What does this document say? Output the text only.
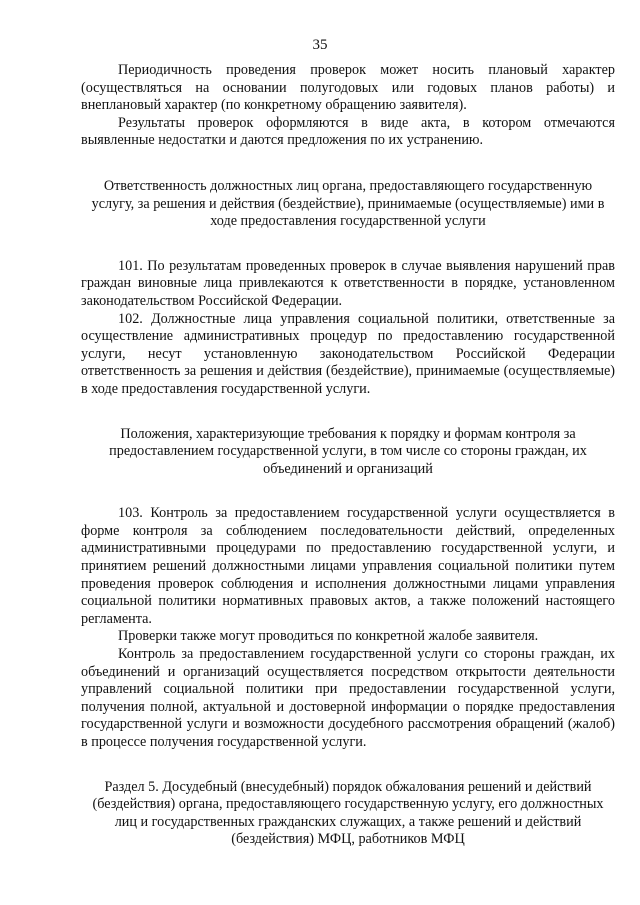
35

Периодичность проведения проверок может носить плановый характер (осуществляться на основании полугодовых или годовых планов работы) и внеплановый характер (по конкретному обращению заявителя).

Результаты проверок оформляются в виде акта, в котором отмечаются выявленные недостатки и даются предложения по их устранению.

Ответственность должностных лиц органа, предоставляющего государственную услугу, за решения и действия (бездействие), принимаемые (осуществляемые) ими в ходе предоставления государственной услуги

101. По результатам проведенных проверок в случае выявления нарушений прав граждан виновные лица привлекаются к ответственности в порядке, установленном законодательством Российской Федерации.

102. Должностные лица управления социальной политики, ответственные за осуществление административных процедур по предоставлению государственной услуги, несут установленную законодательством Российской Федерации ответственность за решения и действия (бездействие), принимаемые (осуществляемые) в ходе предоставления государственной услуги.

Положения, характеризующие требования к порядку и формам контроля за предоставлением государственной услуги, в том числе со стороны граждан, их объединений и организаций

103. Контроль за предоставлением государственной услуги осуществляется в форме контроля за соблюдением последовательности действий, определенных административными процедурами по предоставлению государственной услуги, и принятием решений должностными лицами управления социальной политики путем проведения проверок соблюдения и исполнения должностными лицами управления социальной политики нормативных правовых актов, а также положений настоящего регламента.

Проверки также могут проводиться по конкретной жалобе заявителя.

Контроль за предоставлением государственной услуги со стороны граждан, их объединений и организаций осуществляется посредством открытости деятельности управлений социальной политики при предоставлении государственной услуги, получения полной, актуальной и достоверной информации о порядке предоставления государственной услуги и возможности досудебного рассмотрения обращений (жалоб) в процессе получения государственной услуги.

Раздел 5. Досудебный (внесудебный) порядок обжалования решений и действий (бездействия) органа, предоставляющего государственную услугу, его должностных лиц и государственных гражданских служащих, а также решений и действий (бездействия) МФЦ, работников МФЦ
